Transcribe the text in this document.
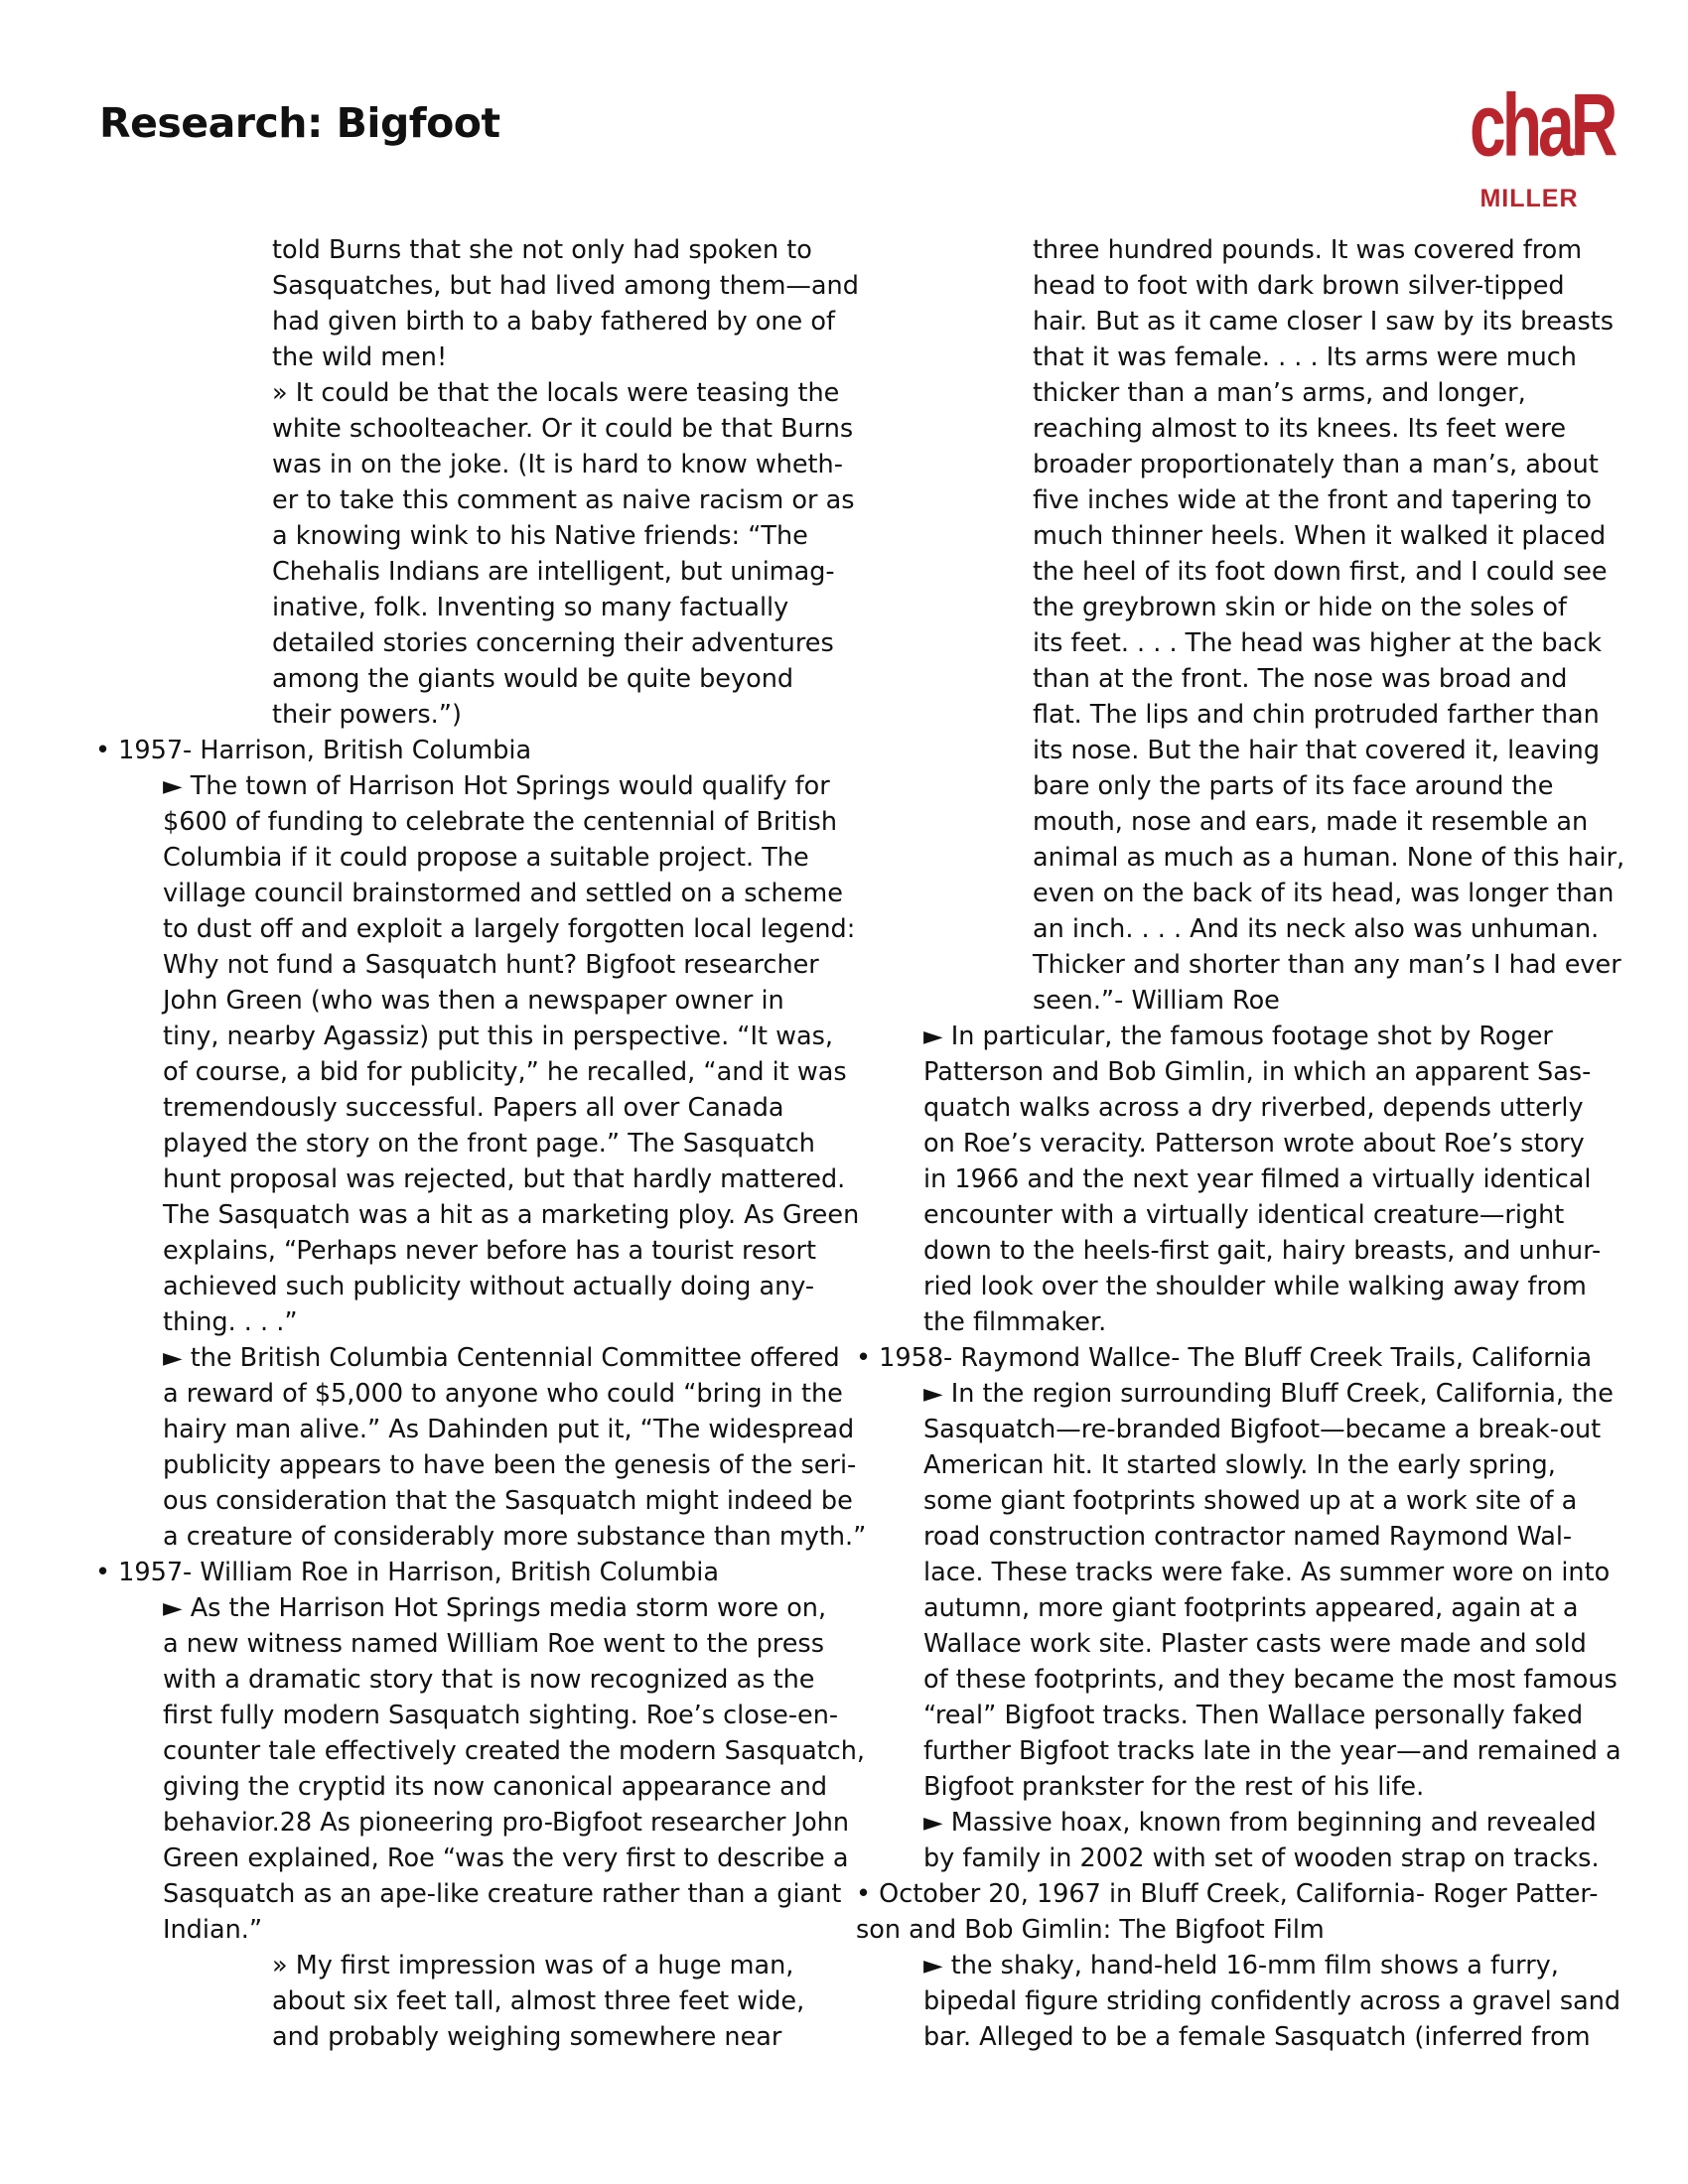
Research: Bigfoot	chaR
MILLER
told Burns that she not only had spoken to
Sasquatches, but had lived among them—and
had given birth to a baby fathered by one of
the wild men!
» It could be that the locals were teasing the
white schoolteacher. Or it could be that Burns
was in on the joke. (It is hard to know wheth-
er to take this comment as naive racism or as
a knowing wink to his Native friends: “The
Chehalis Indians are intelligent, but unimag-
inative, folk. Inventing so many factually
detailed stories concerning their adventures
among the giants would be quite beyond
their powers.”)
• 1957- Harrison, British Columbia
► The town of Harrison Hot Springs would qualify for
$600 of funding to celebrate the centennial of British
Columbia if it could propose a suitable project. The
village council brainstormed and settled on a scheme
to dust off and exploit a largely forgotten local legend:
Why not fund a Sasquatch hunt? Bigfoot researcher
John Green (who was then a newspaper owner in
tiny, nearby Agassiz) put this in perspective. “It was,
of course, a bid for publicity,” he recalled, “and it was
tremendously successful. Papers all over Canada
played the story on the front page.” The Sasquatch
hunt proposal was rejected, but that hardly mattered.
The Sasquatch was a hit as a marketing ploy. As Green
explains, “Perhaps never before has a tourist resort
achieved such publicity without actually doing any-
thing. . . .”
► the British Columbia Centennial Committee offered
a reward of $5,000 to anyone who could “bring in the
hairy man alive.” As Dahinden put it, “The widespread
publicity appears to have been the genesis of the seri-
ous consideration that the Sasquatch might indeed be
a creature of considerably more substance than myth.”
• 1957- William Roe in Harrison, British Columbia
► As the Harrison Hot Springs media storm wore on,
a new witness named William Roe went to the press
with a dramatic story that is now recognized as the
first fully modern Sasquatch sighting. Roe’s close-en-
counter tale effectively created the modern Sasquatch,
giving the cryptid its now canonical appearance and
behavior.28 As pioneering pro-Bigfoot researcher John
Green explained, Roe “was the very first to describe a
Sasquatch as an ape-like creature rather than a giant
Indian.”
» My first impression was of a huge man,
about six feet tall, almost three feet wide,
and probably weighing somewhere near
three hundred pounds. It was covered from
head to foot with dark brown silver-tipped
hair. But as it came closer I saw by its breasts
that it was female. . . . Its arms were much
thicker than a man’s arms, and longer,
reaching almost to its knees. Its feet were
broader proportionately than a man’s, about
five inches wide at the front and tapering to
much thinner heels. When it walked it placed
the heel of its foot down first, and I could see
the greybrown skin or hide on the soles of
its feet. . . . The head was higher at the back
than at the front. The nose was broad and
flat. The lips and chin protruded farther than
its nose. But the hair that covered it, leaving
bare only the parts of its face around the
mouth, nose and ears, made it resemble an
animal as much as a human. None of this hair,
even on the back of its head, was longer than
an inch. . . . And its neck also was unhuman.
Thicker and shorter than any man’s I had ever
seen.”- William Roe
► In particular, the famous footage shot by Roger
Patterson and Bob Gimlin, in which an apparent Sas-
quatch walks across a dry riverbed, depends utterly
on Roe’s veracity. Patterson wrote about Roe’s story
in 1966 and the next year filmed a virtually identical
encounter with a virtually identical creature—right
down to the heels-first gait, hairy breasts, and unhur-
ried look over the shoulder while walking away from
the filmmaker.
• 1958- Raymond Wallce- The Bluff Creek Trails, California
► In the region surrounding Bluff Creek, California, the
Sasquatch—re-branded Bigfoot—became a break-out
American hit. It started slowly. In the early spring,
some giant footprints showed up at a work site of a
road construction contractor named Raymond Wal-
lace. These tracks were fake. As summer wore on into
autumn, more giant footprints appeared, again at a
Wallace work site. Plaster casts were made and sold
of these footprints, and they became the most famous
“real” Bigfoot tracks. Then Wallace personally faked
further Bigfoot tracks late in the year—and remained a
Bigfoot prankster for the rest of his life.
► Massive hoax, known from beginning and revealed
by family in 2002 with set of wooden strap on tracks.
• October 20, 1967 in Bluff Creek, California- Roger Patter-
son and Bob Gimlin: The Bigfoot Film
► the shaky, hand-held 16-mm film shows a furry,
bipedal figure striding confidently across a gravel sand
bar. Alleged to be a female Sasquatch (inferred from
